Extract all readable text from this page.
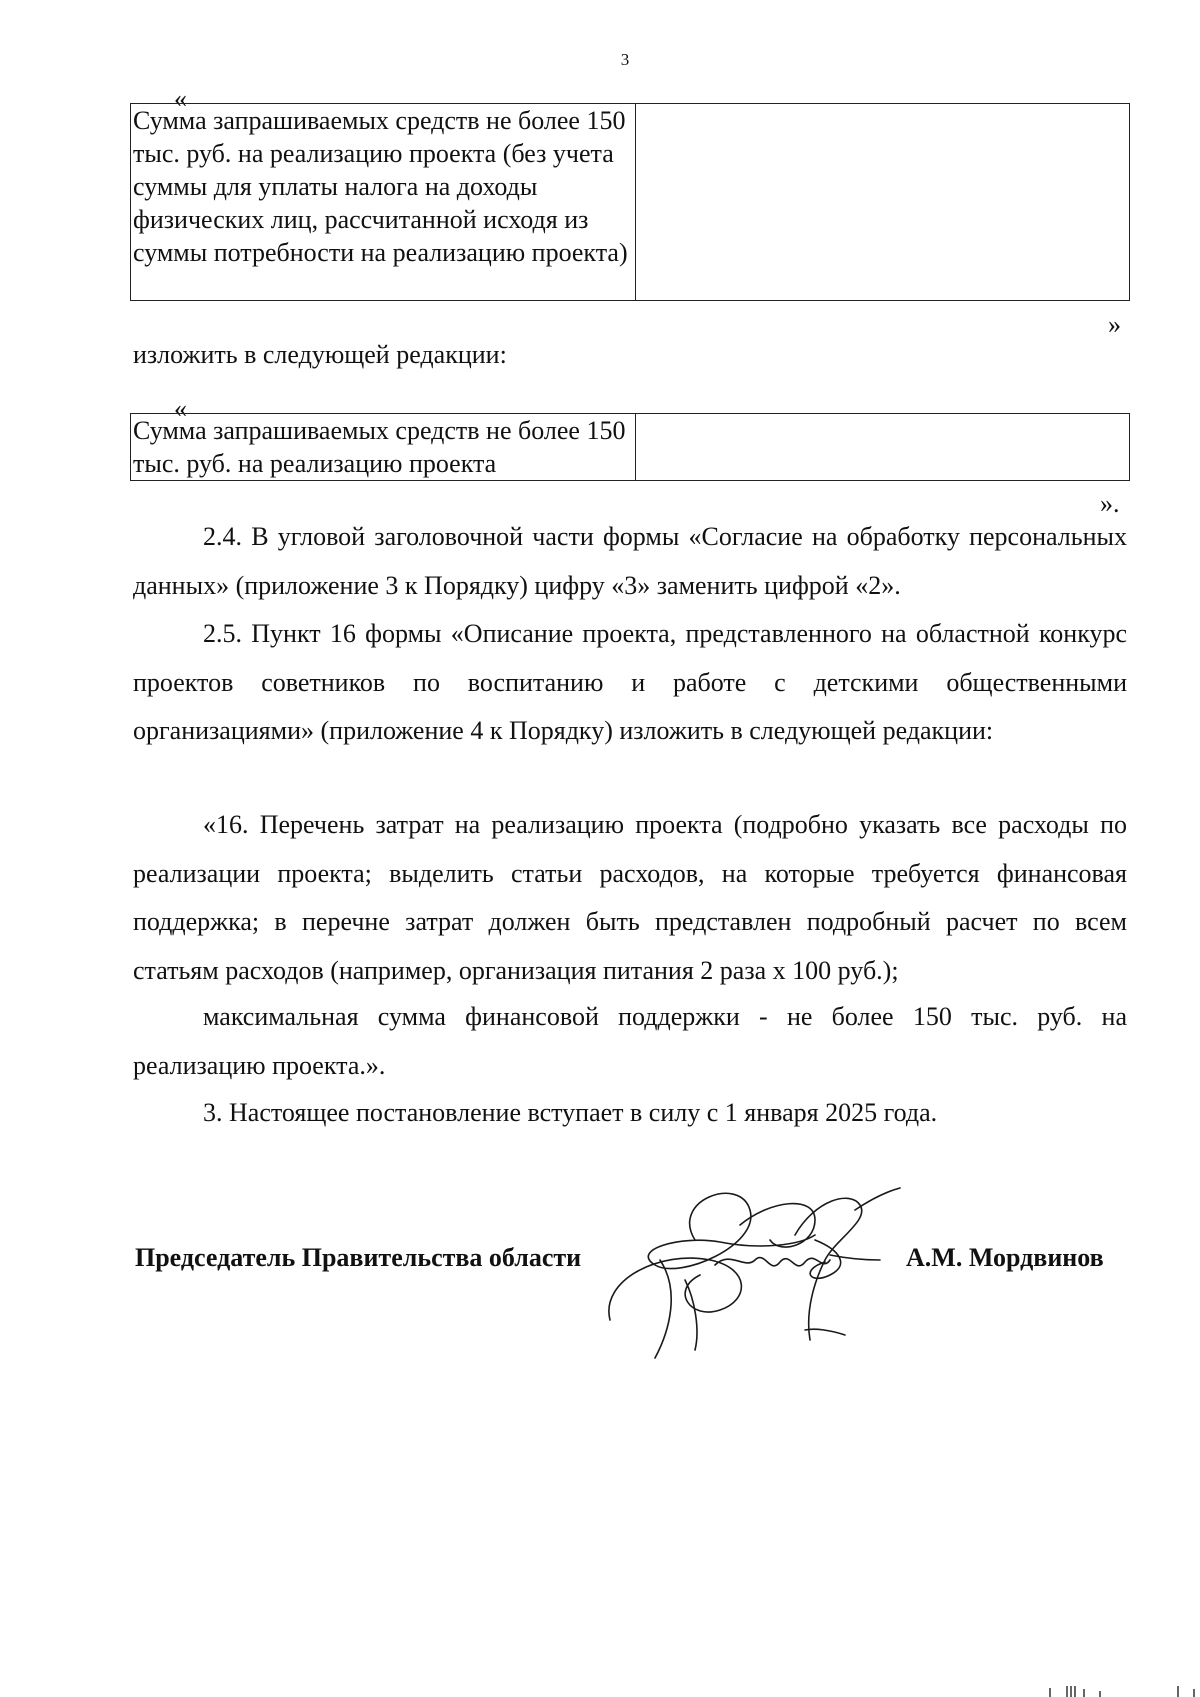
3
«
Сумма запрашиваемых средств не более 150 тыс. руб. на реализацию проекта (без учета суммы для уплаты налога на доходы физических лиц, рассчитанной исходя из суммы потребности на реализацию проекта)	
»
изложить в следующей редакции:
«
Сумма запрашиваемых средств не более 150 тыс. руб. на реализацию проекта	
».

2.4. В угловой заголовочной части формы «Согласие на обработку персональных данных» (приложение 3 к Порядку) цифру «3» заменить цифрой «2».

2.5. Пункт 16 формы «Описание проекта, представленного на областной конкурс проектов советников по воспитанию и работе с детскими общественными организациями» (приложение 4 к Порядку) изложить в следующей редакции:

«16. Перечень затрат на реализацию проекта (подробно указать все расходы по реализации проекта; выделить статьи расходов, на которые требуется финансовая поддержка; в перечне затрат должен быть представлен подробный расчет по всем статьям расходов (например, организация питания 2 раза х 100 руб.);

максимальная сумма финансовой поддержки - не более 150 тыс. руб. на реализацию проекта.».

3. Настоящее постановление вступает в силу с 1 января 2025 года.

Председатель Правительства области	А.М. Мордвинов
